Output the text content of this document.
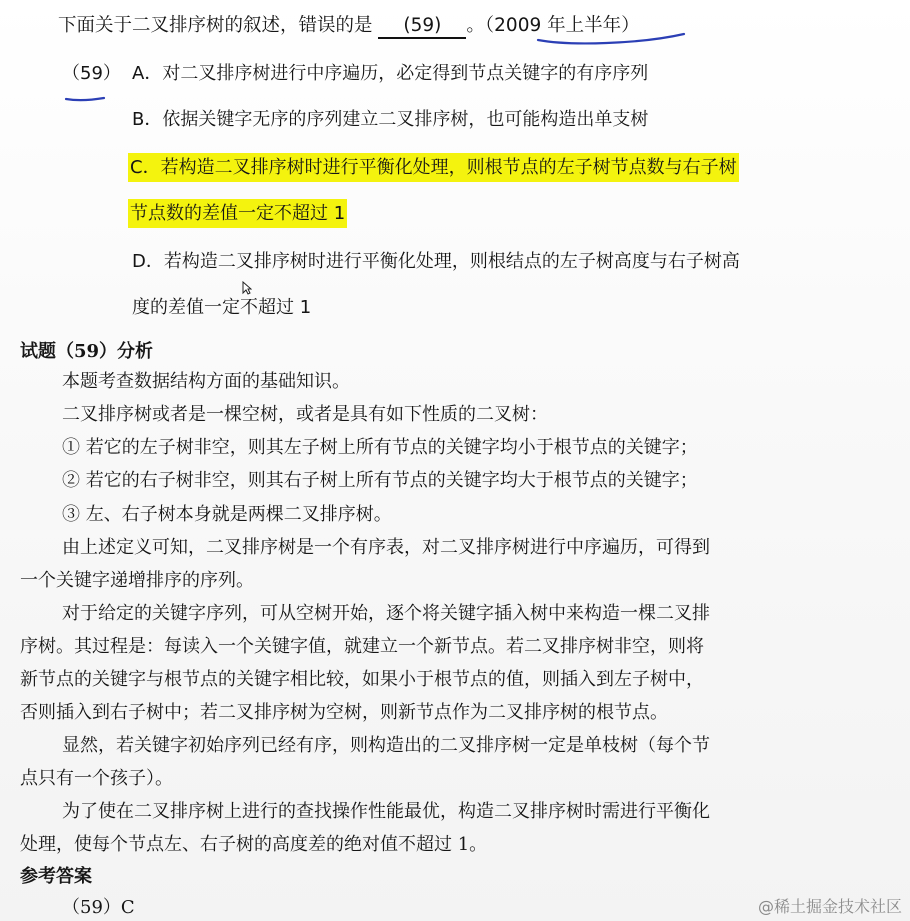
下面关于二叉排序树的叙述，错误的是 (59) 。（2009 年上半年）
（59） A．对二叉排序树进行中序遍历，必定得到节点关键字的有序序列
B．依据关键字无序的序列建立二叉排序树，也可能构造出单支树
C．若构造二叉排序树时进行平衡化处理，则根节点的左子树节点数与右子树
节点数的差值一定不超过 1
D．若构造二叉排序树时进行平衡化处理，则根结点的左子树高度与右子树高
度的差值一定不超过 1
试题（59）分析
本题考查数据结构方面的基础知识。
二叉排序树或者是一棵空树，或者是具有如下性质的二叉树：
① 若它的左子树非空，则其左子树上所有节点的关键字均小于根节点的关键字；
② 若它的右子树非空，则其右子树上所有节点的关键字均大于根节点的关键字；
③ 左、右子树本身就是两棵二叉排序树。
由上述定义可知，二叉排序树是一个有序表，对二叉排序树进行中序遍历，可得到
一个关键字递增排序的序列。
对于给定的关键字序列，可从空树开始，逐个将关键字插入树中来构造一棵二叉排
序树。其过程是：每读入一个关键字值，就建立一个新节点。若二叉排序树非空，则将
新节点的关键字与根节点的关键字相比较，如果小于根节点的值，则插入到左子树中，
否则插入到右子树中；若二叉排序树为空树，则新节点作为二叉排序树的根节点。
显然，若关键字初始序列已经有序，则构造出的二叉排序树一定是单枝树（每个节
点只有一个孩子）。
为了使在二叉排序树上进行的查找操作性能最优，构造二叉排序树时需进行平衡化
处理，使每个节点左、右子树的高度差的绝对值不超过 1。
参考答案
（59）C	@稀土掘金技术社区
